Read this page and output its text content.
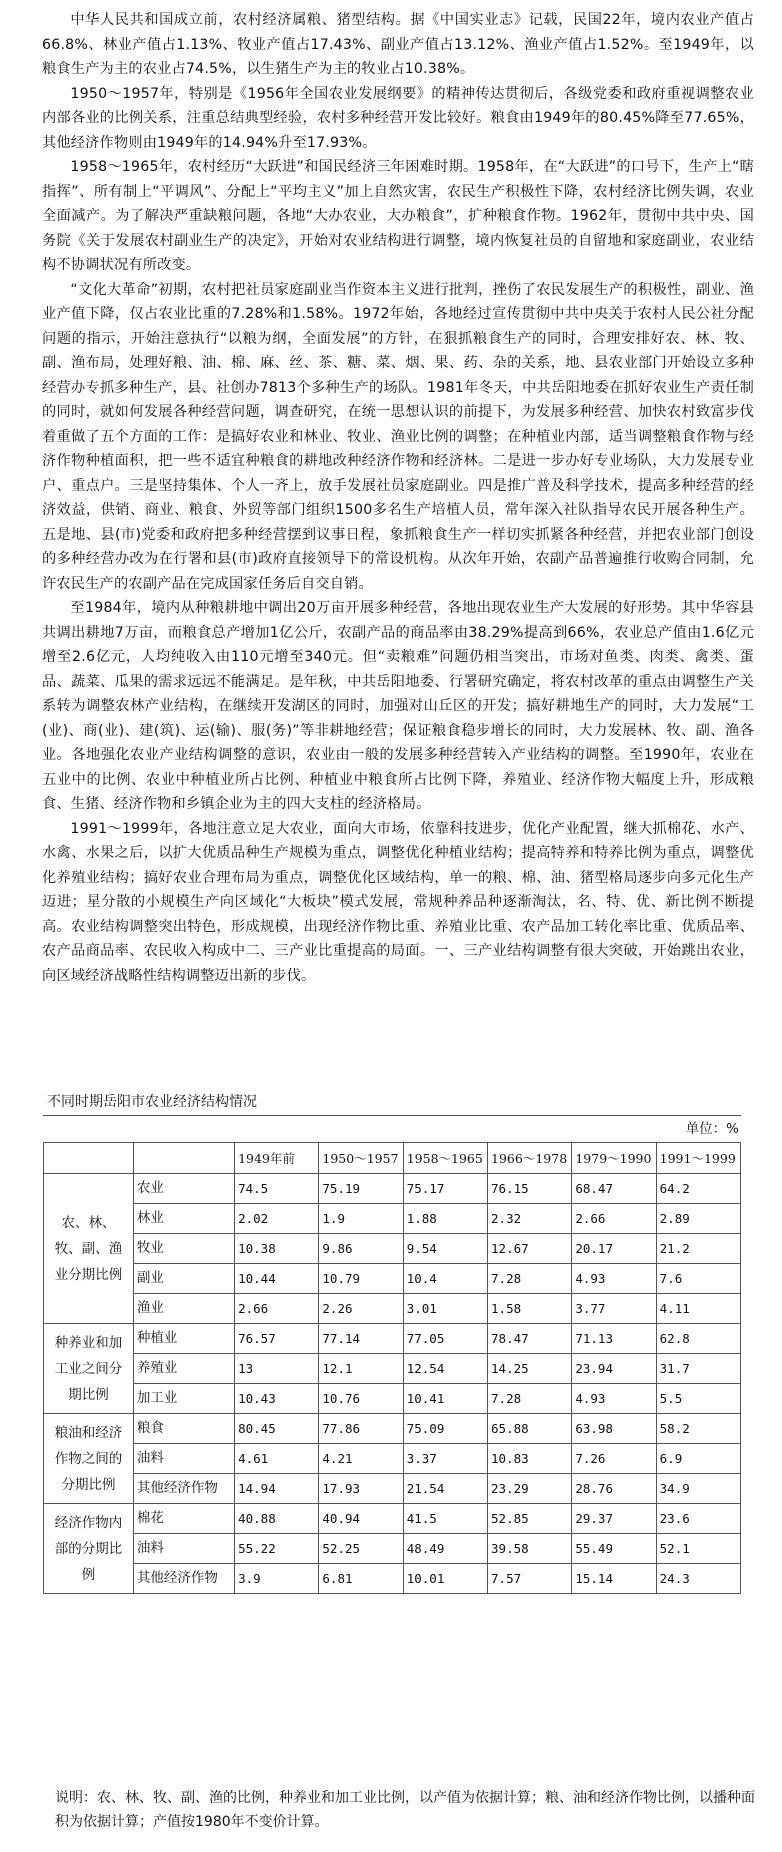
中华人民共和国成立前，农村经济属粮、猪型结构。据《中国实业志》记载，民国22年，境内农业产值占66.8%、林业产值占1.13%、牧业产值占17.43%、副业产值占13.12%、渔业产值占1.52%。至1949年，以粮食生产为主的农业占74.5%，以生猪生产为主的牧业占10.38%。

1950～1957年，特别是《1956年全国农业发展纲要》的精神传达贯彻后，各级党委和政府重视调整农业内部各业的比例关系，注重总结典型经验，农村多种经营开发比较好。粮食由1949年的80.45%降至77.65%，其他经济作物则由1949年的14.94%升至17.93%。

1958～1965年，农村经历“大跃进”和国民经济三年困难时期。1958年，在“大跃进”的口号下，生产上“瞎指挥”、所有制上“平调风”、分配上“平均主义”加上自然灾害，农民生产积极性下降，农村经济比例失调，农业全面减产。为了解决严重缺粮问题，各地“大办农业，大办粮食”，扩种粮食作物。1962年，贯彻中共中央、国务院《关于发展农村副业生产的决定》，开始对农业结构进行调整，境内恢复社员的自留地和家庭副业，农业结构不协调状况有所改变。

“文化大革命”初期，农村把社员家庭副业当作资本主义进行批判，挫伤了农民发展生产的积极性，副业、渔业产值下降，仅占农业比重的7.28%和1.58%。1972年始，各地经过宣传贯彻中共中央关于农村人民公社分配问题的指示，开始注意执行“以粮为纲，全面发展”的方针，在狠抓粮食生产的同时，合理安排好农、林、牧、副、渔布局，处理好粮、油、棉、麻、丝、茶、糖、菜、烟、果、药、杂的关系，地、县农业部门开始设立多种经营办专抓多种生产，县、社创办7813个多种生产的场队。1981年冬天，中共岳阳地委在抓好农业生产责任制的同时，就如何发展各种经营问题，调查研究，在统一思想认识的前提下，为发展多种经营、加快农村致富步伐着重做了五个方面的工作：是搞好农业和林业、牧业、渔业比例的调整；在种植业内部，适当调整粮食作物与经济作物种植面积，把一些不适宜种粮食的耕地改种经济作物和经济林。二是进一步办好专业场队，大力发展专业户、重点户。三是坚持集体、个人一齐上，放手发展社员家庭副业。四是推广普及科学技术，提高多种经营的经济效益，供销、商业、粮食、外贸等部门组织1500多名生产培植人员，常年深入社队指导农民开展各种生产。五是地、县(市)党委和政府把多种经营摆到议事日程，象抓粮食生产一样切实抓紧各种经营，并把农业部门创设的多种经营办改为在行署和县(市)政府直接领导下的常设机构。从次年开始，农副产品普遍推行收购合同制，允许农民生产的农副产品在完成国家任务后自交自销。

至1984年，境内从种粮耕地中调出20万亩开展多种经营，各地出现农业生产大发展的好形势。其中华容县共调出耕地7万亩，而粮食总产增加1亿公斤，农副产品的商品率由38.29%提高到66%，农业总产值由1.6亿元增至2.6亿元，人均纯收入由110元增至340元。但“卖粮难”问题仍相当突出，市场对鱼类、肉类、禽类、蛋品、蔬菜、瓜果的需求远远不能满足。是年秋，中共岳阳地委、行署研究确定，将农村改革的重点由调整生产关系转为调整农林产业结构，在继续开发湖区的同时，加强对山丘区的开发；搞好耕地生产的同时，大力发展“工(业)、商(业)、建(筑)、运(输)、服(务)”等非耕地经营；保证粮食稳步增长的同时，大力发展林、牧、副、渔各业。各地强化农业产业结构调整的意识，农业由一般的发展多种经营转入产业结构的调整。至1990年，农业在五业中的比例、农业中种植业所占比例、种植业中粮食所占比例下降，养殖业、经济作物大幅度上升，形成粮食、生猪、经济作物和乡镇企业为主的四大支柱的经济格局。

1991～1999年，各地注意立足大农业，面向大市场，依靠科技进步，优化产业配置，继大抓棉花、水产、水禽、水果之后，以扩大优质品种生产规模为重点，调整优化种植业结构；提高特养和特养比例为重点，调整优化养殖业结构；搞好农业合理布局为重点，调整优化区域结构，单一的粮、棉、油、猪型格局逐步向多元化生产迈进；星分散的小规模生产向区域化“大板块”模式发展，常规种养品种逐渐淘汰，名、特、优、新比例不断提高。农业结构调整突出特色，形成规模，出现经济作物比重、养殖业比重、农产品加工转化率比重、优质品率、农产品商品率、农民收入构成中二、三产业比重提高的局面。一、三产业结构调整有很大突破，开始跳出农业，向区域经济战略性结构调整迈出新的步伐。

不同时期岳阳市农业经济结构情况
单位：%
		1949年前	1950～1957	1958～1965	1966～1978	1979～1990	1991～1999
农、林、牧、副、渔业分期比例	农业	74.5	75.19	75.17	76.15	68.47	64.2
	林业	2.02	1.9	1.88	2.32	2.66	2.89
	牧业	10.38	9.86	9.54	12.67	20.17	21.2
	副业	10.44	10.79	10.4	7.28	4.93	7.6
	渔业	2.66	2.26	3.01	1.58	3.77	4.11
种养业和加工业之间分期比例	种植业	76.57	77.14	77.05	78.47	71.13	62.8
	养殖业	13	12.1	12.54	14.25	23.94	31.7
	加工业	10.43	10.76	10.41	7.28	4.93	5.5
粮油和经济作物之间的分期比例	粮食	80.45	77.86	75.09	65.88	63.98	58.2
	油料	4.61	4.21	3.37	10.83	7.26	6.9
	其他经济作物	14.94	17.93	21.54	23.29	28.76	34.9
经济作物内部的分期比例	棉花	40.88	40.94	41.5	52.85	29.37	23.6
	油料	55.22	52.25	48.49	39.58	55.49	52.1
	其他经济作物	3.9	6.81	10.01	7.57	15.14	24.3

说明：农、林、牧、副、渔的比例，种养业和加工业比例，以产值为依据计算；粮、油和经济作物比例，以播种面积为依据计算；产值按1980年不变价计算。
